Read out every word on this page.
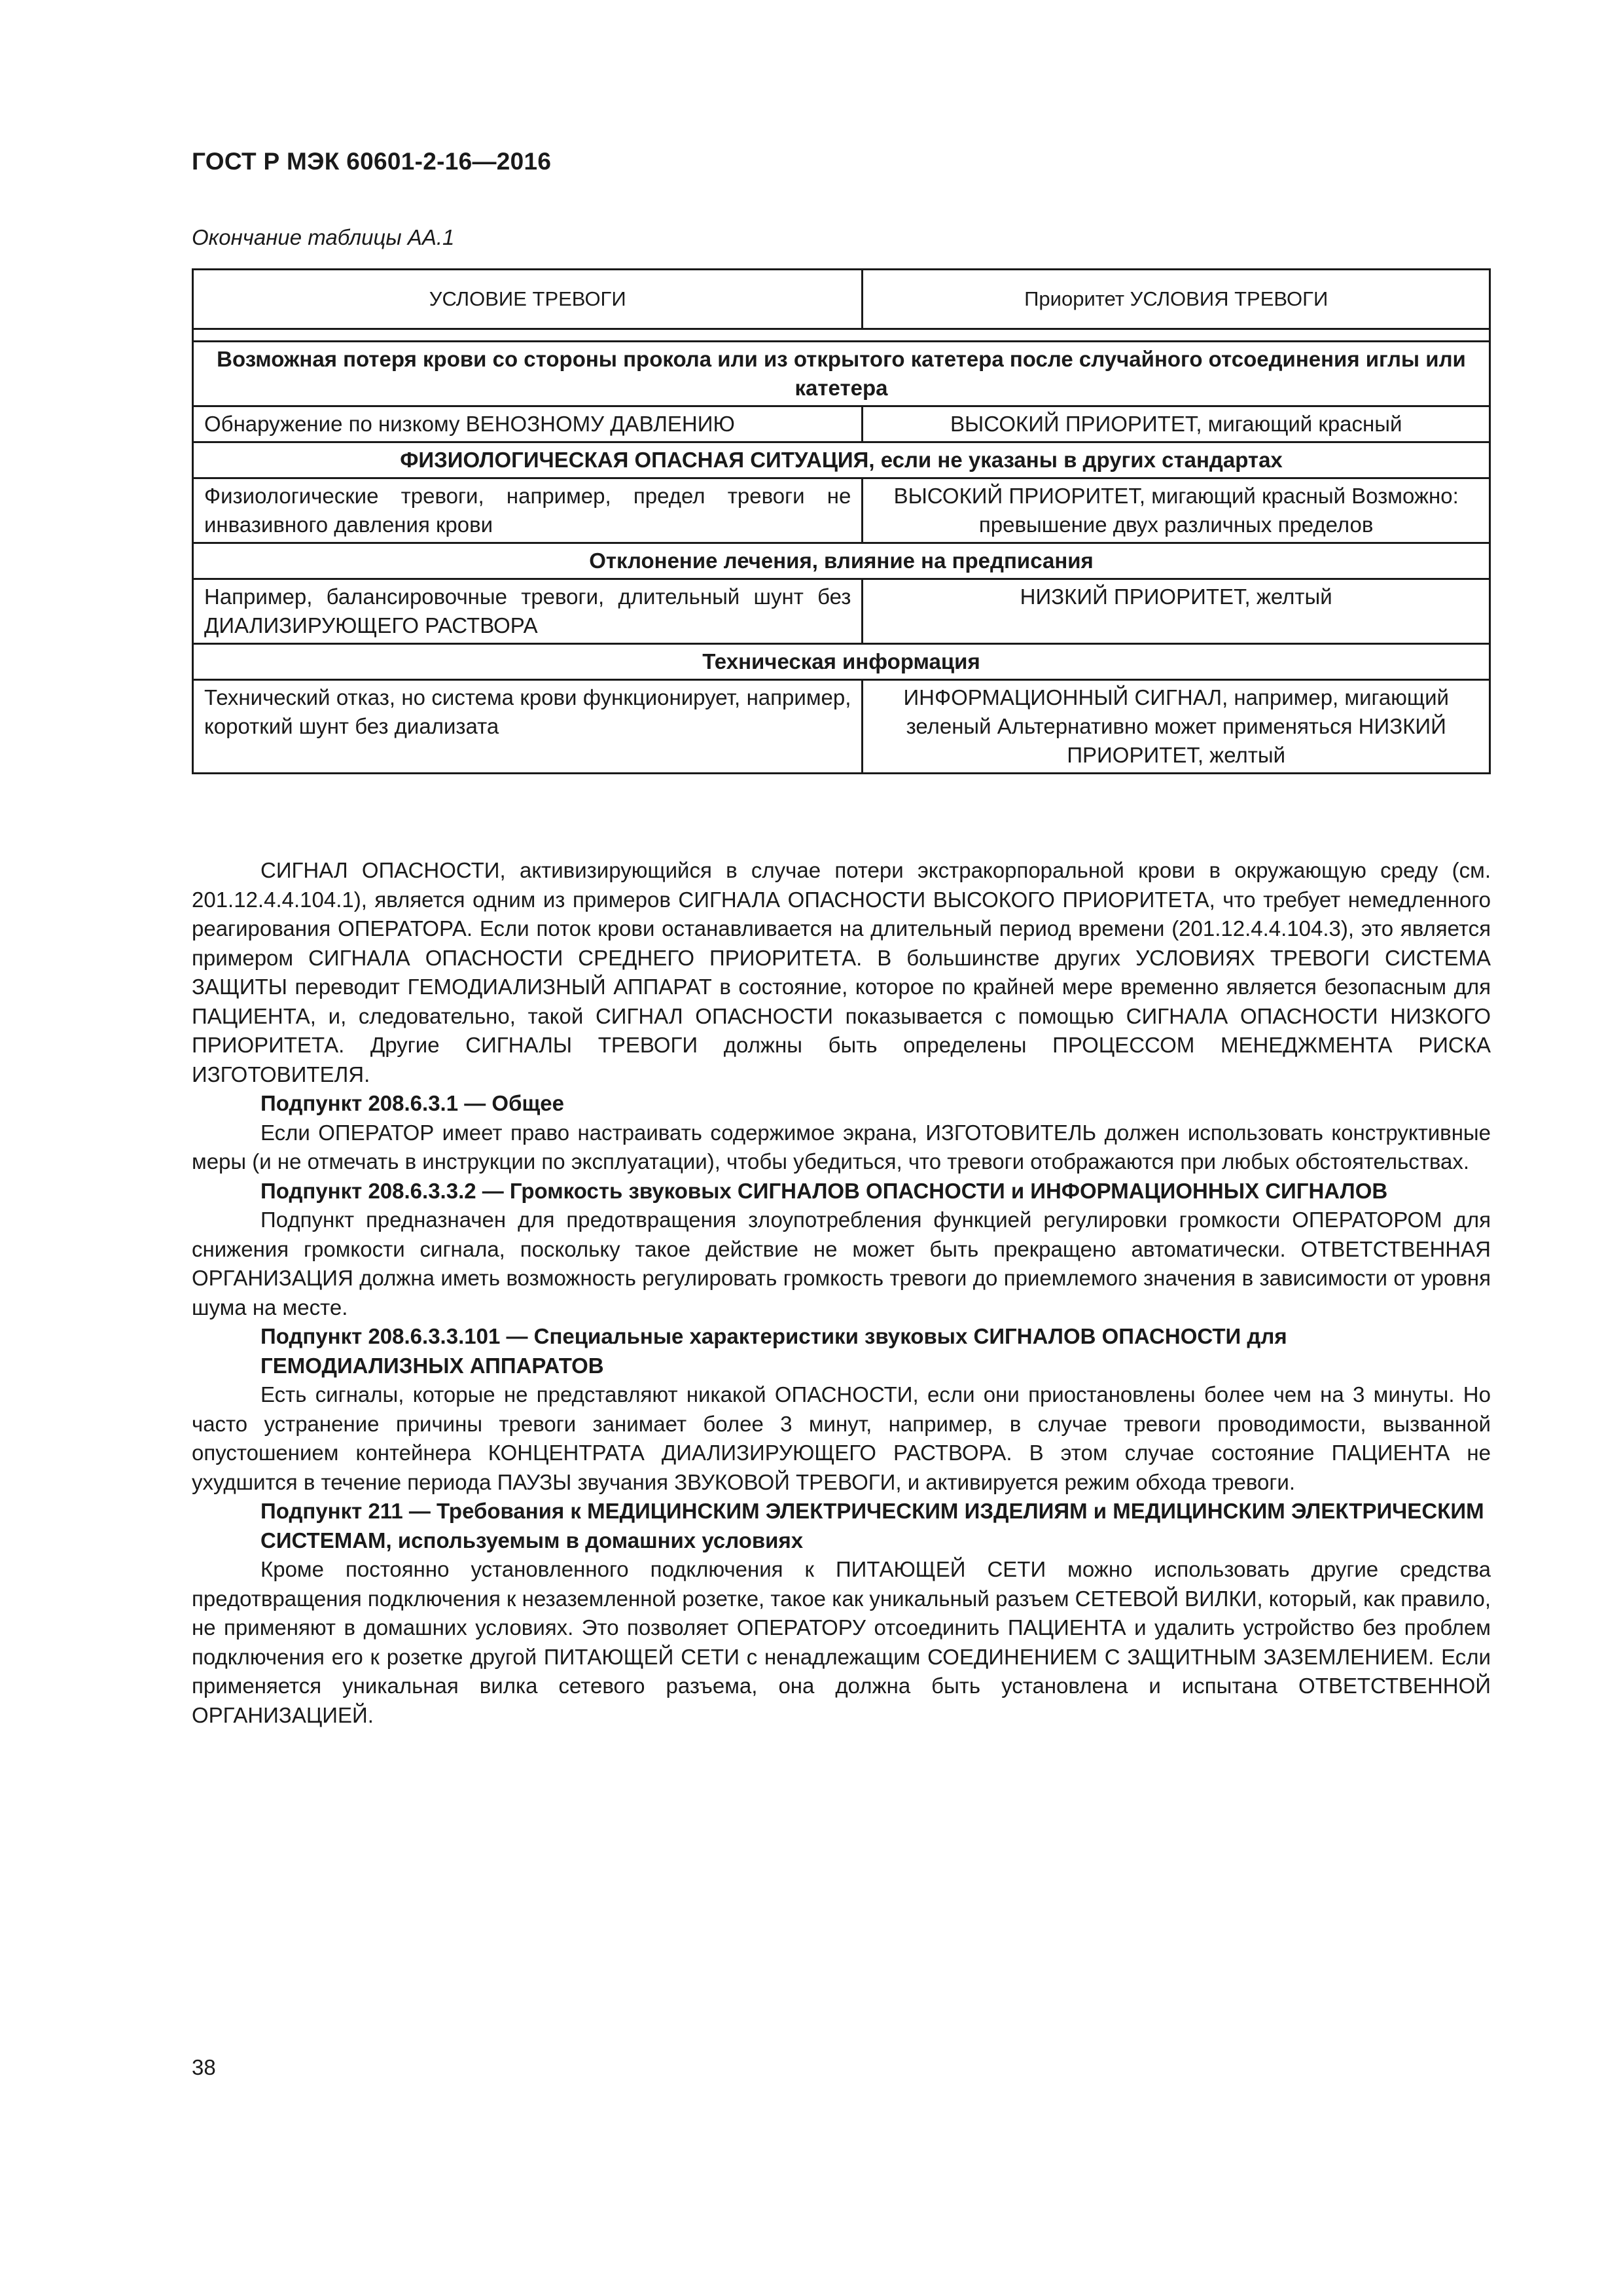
ГОСТ Р МЭК 60601-2-16—2016
Окончание таблицы АА.1
УСЛОВИЕ ТРЕВОГИ	Приоритет УСЛОВИЯ ТРЕВОГИ

Возможная потеря крови со стороны прокола или из открытого катетера после случайного отсоединения иглы или катетера	
Обнаружение по низкому ВЕНОЗНОМУ ДАВЛЕНИЮ	ВЫСОКИЙ ПРИОРИТЕТ, мигающий красный
ФИЗИОЛОГИЧЕСКАЯ ОПАСНАЯ СИТУАЦИЯ, если не указаны в других стандартах	
Физиологические тревоги, например, предел тревоги не инвазивного давления крови	ВЫСОКИЙ ПРИОРИТЕТ, мигающий красный Возможно: превышение двух различных пределов
Отклонение лечения, влияние на предписания	
Например, балансировочные тревоги, длительный шунт без ДИАЛИЗИРУЮЩЕГО РАСТВОРА	НИЗКИЙ ПРИОРИТЕТ, желтый
Техническая информация	
Технический отказ, но система крови функционирует, например, короткий шунт без диализата	ИНФОРМАЦИОННЫЙ СИГНАЛ, например, мигающий зеленый Альтернативно может применяться НИЗКИЙ ПРИОРИТЕТ, желтый

СИГНАЛ ОПАСНОСТИ, активизирующийся в случае потери экстракорпоральной крови в окружающую среду (см. 201.12.4.4.104.1), является одним из примеров СИГНАЛА ОПАСНОСТИ ВЫСОКОГО ПРИОРИТЕТА, что требует немедленного реагирования ОПЕРАТОРА. Если поток крови останавливается на длительный период времени (201.12.4.4.104.3), это является примером СИГНАЛА ОПАСНОСТИ СРЕДНЕГО ПРИОРИТЕТА. В большинстве других УСЛОВИЯХ ТРЕВОГИ СИСТЕМА ЗАЩИТЫ переводит ГЕМОДИАЛИЗНЫЙ АППАРАТ в состояние, которое по крайней мере временно является безопасным для ПАЦИЕНТА, и, следовательно, такой СИГНАЛ ОПАСНОСТИ показывается с помощью СИГНАЛА ОПАСНОСТИ НИЗКОГО ПРИОРИТЕТА. Другие СИГНАЛЫ ТРЕВОГИ должны быть определены ПРОЦЕССОМ МЕНЕДЖМЕНТА РИСКА ИЗГОТОВИТЕЛЯ.

Подпункт 208.6.3.1 — Общее

Если ОПЕРАТОР имеет право настраивать содержимое экрана, ИЗГОТОВИТЕЛЬ должен использовать конструктивные меры (и не отмечать в инструкции по эксплуатации), чтобы убедиться, что тревоги отображаются при любых обстоятельствах.

Подпункт 208.6.3.3.2 — Громкость звуковых СИГНАЛОВ ОПАСНОСТИ и ИНФОРМАЦИОННЫХ СИГНАЛОВ

Подпункт предназначен для предотвращения злоупотребления функцией регулировки громкости ОПЕРАТОРОМ для снижения громкости сигнала, поскольку такое действие не может быть прекращено автоматически. ОТВЕТСТВЕННАЯ ОРГАНИЗАЦИЯ должна иметь возможность регулировать громкость тревоги до приемлемого значения в зависимости от уровня шума на месте.

Подпункт 208.6.3.3.101 — Специальные характеристики звуковых СИГНАЛОВ ОПАСНОСТИ для ГЕМОДИАЛИЗНЫХ АППАРАТОВ

Есть сигналы, которые не представляют никакой ОПАСНОСТИ, если они приостановлены более чем на 3 минуты. Но часто устранение причины тревоги занимает более 3 минут, например, в случае тревоги проводимости, вызванной опустошением контейнера КОНЦЕНТРАТА ДИАЛИЗИРУЮЩЕГО РАСТВОРА. В этом случае состояние ПАЦИЕНТА не ухудшится в течение периода ПАУЗЫ звучания ЗВУКОВОЙ ТРЕВОГИ, и активируется режим обхода тревоги.

Подпункт 211 — Требования к МЕДИЦИНСКИМ ЭЛЕКТРИЧЕСКИМ ИЗДЕЛИЯМ и МЕДИЦИНСКИМ ЭЛЕКТРИЧЕСКИМ СИСТЕМАМ, используемым в домашних условиях

Кроме постоянно установленного подключения к ПИТАЮЩЕЙ СЕТИ можно использовать другие средства предотвращения подключения к незаземленной розетке, такое как уникальный разъем СЕТЕВОЙ ВИЛКИ, который, как правило, не применяют в домашних условиях. Это позволяет ОПЕРАТОРУ отсоединить ПАЦИЕНТА и удалить устройство без проблем подключения его к розетке другой ПИТАЮЩЕЙ СЕТИ с ненадлежащим СОЕДИНЕНИЕМ С ЗАЩИТНЫМ ЗАЗЕМЛЕНИЕМ. Если применяется уникальная вилка сетевого разъема, она должна быть установлена и испытана ОТВЕТСТВЕННОЙ ОРГАНИЗАЦИЕЙ.

38
